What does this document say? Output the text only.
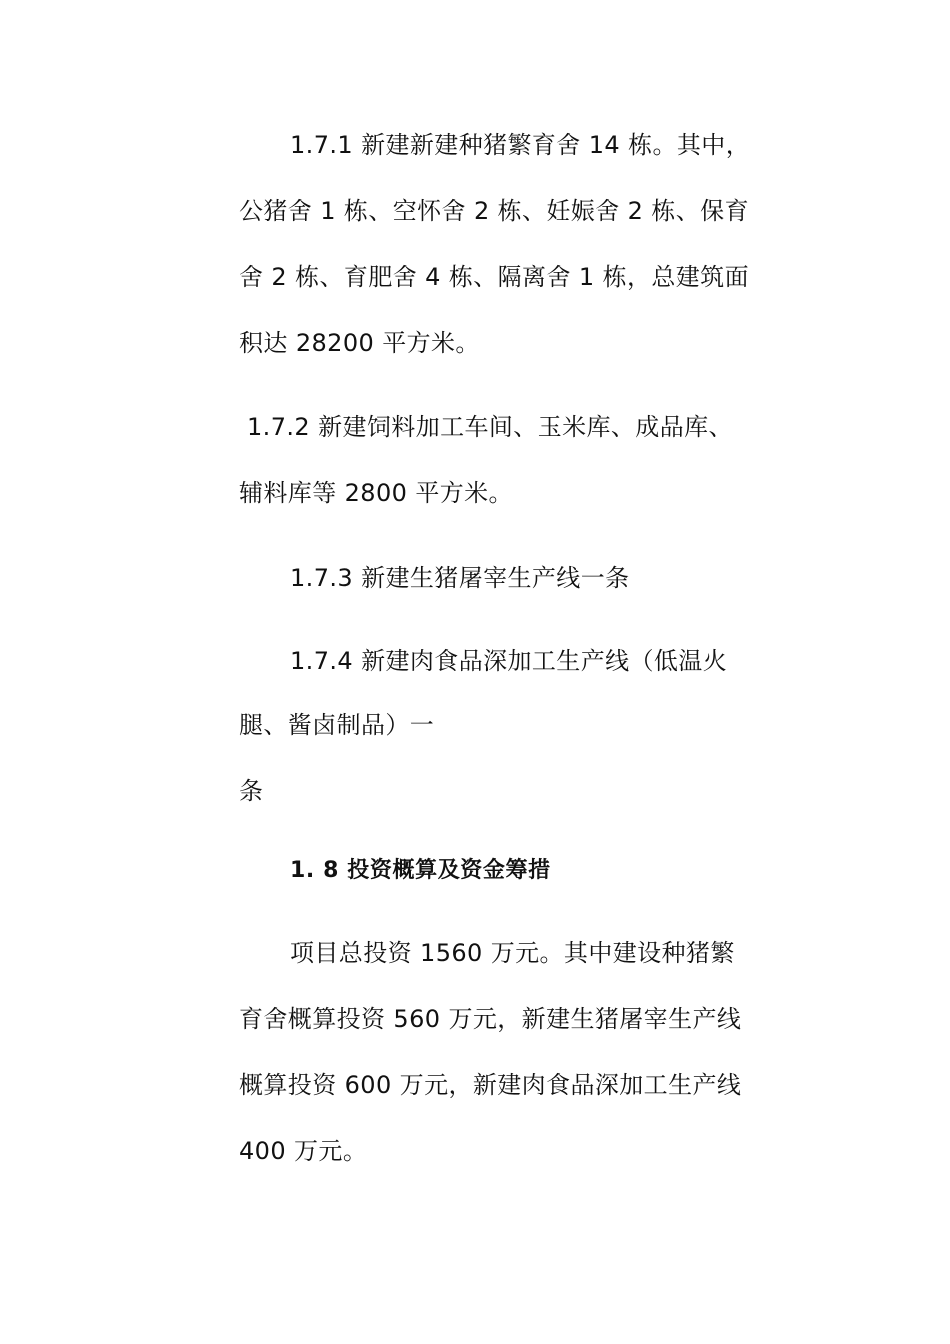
1.7.1 新建新建种猪繁育舍 14 栋。其中，
公猪舍 1 栋、空怀舍 2 栋、妊娠舍 2 栋、保育
舍 2 栋、育肥舍 4 栋、隔离舍 1 栋，总建筑面
积达 28200 平方米。
1.7.2 新建饲料加工车间、玉米库、成品库、
辅料库等 2800 平方米。
1.7.3 新建生猪屠宰生产线一条
1.7.4 新建肉食品深加工生产线（低温火
腿、酱卤制品）一
条
1. 8 投资概算及资金筹措
项目总投资 1560 万元。其中建设种猪繁
育舍概算投资 560 万元，新建生猪屠宰生产线
概算投资 600 万元，新建肉食品深加工生产线
400 万元。
